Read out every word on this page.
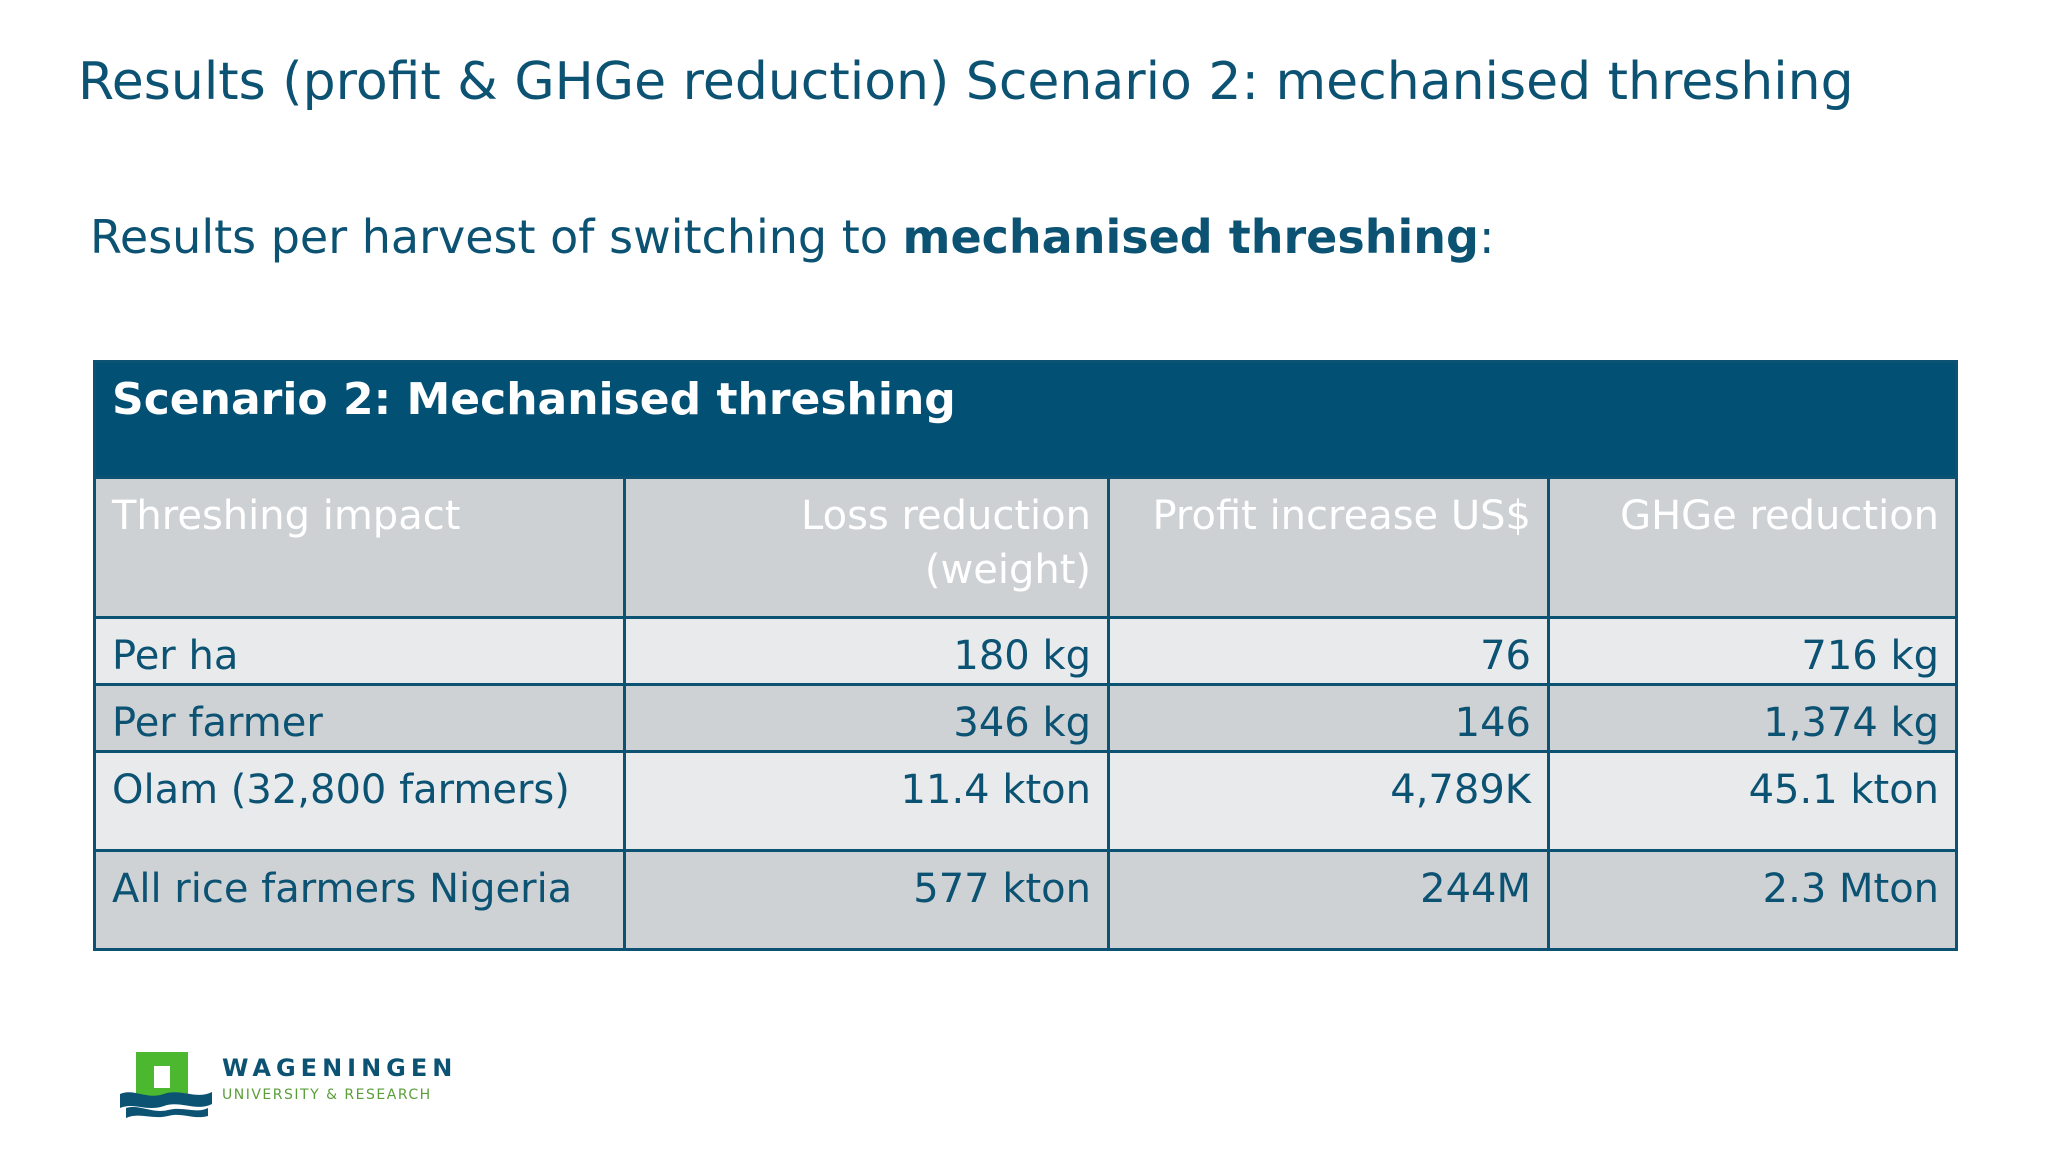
Results (profit & GHGe reduction) Scenario 2: mechanised threshing

Results per harvest of switching to mechanised threshing:

Scenario 2: Mechanised threshing			
Threshing impact	Loss reduction (weight)	Profit increase US$	GHGe reduction
Per ha	180 kg	76	716 kg
Per farmer	346 kg	146	1,374 kg
Olam (32,800 farmers)	11.4 kton	4,789K	45.1 kton
All rice farmers Nigeria	577 kton	244M	2.3 Mton
WAGENINGEN
UNIVERSITY & RESEARCH
